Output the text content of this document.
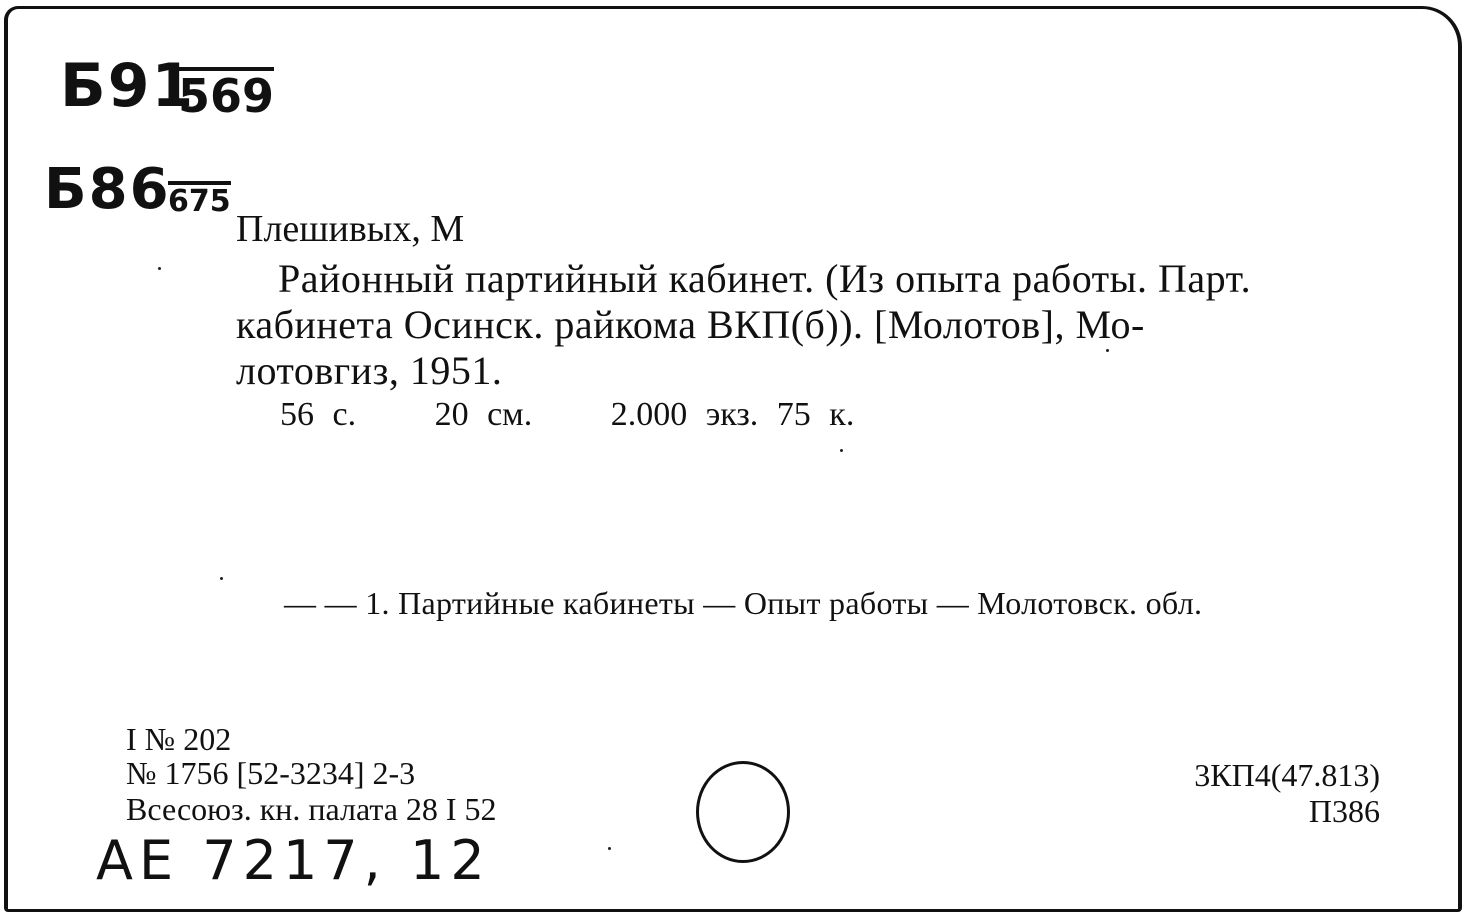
Б91
569
Б86
675
Плешивых, М
Районный партийный кабинет. (Из опыта работы. Парт.
кабинета Осинск. райкома ВКП(б)). [Молотов], Мо-
лотовгиз, 1951.
56 с. 20 см. 2.000 экз. 75 к.
— — 1. Партийные кабинеты — Опыт работы — Молотовск. обл.
I № 202
№ 1756 [52-3234] 2-3
Всесоюз. кн. палата 28 I 52
3КП4(47.813)
П386
АЕ 7217, 12
